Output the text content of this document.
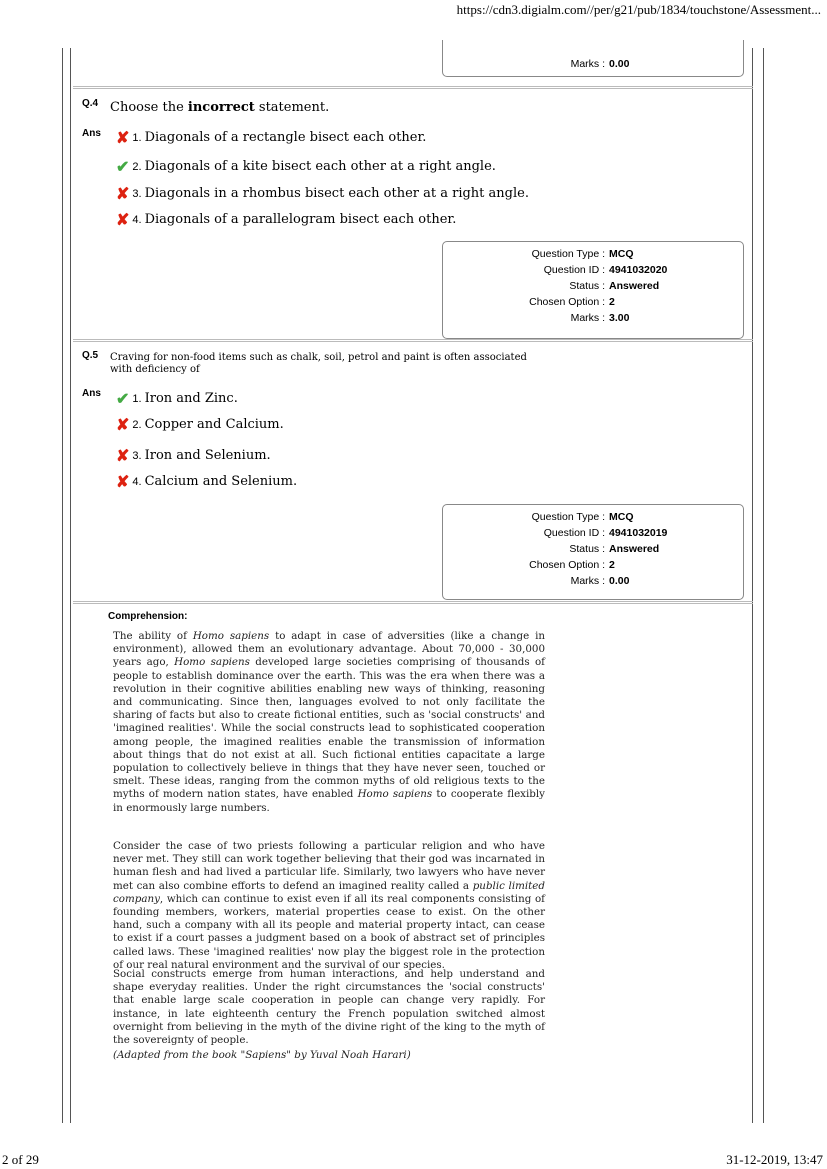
https://cdn3.digialm.com//per/g21/pub/1834/touchstone/Assessment...
Marks : 0.00
Q.4 Choose the incorrect statement.
Ans ✘ 1. Diagonals of a rectangle bisect each other.
✔ 2. Diagonals of a kite bisect each other at a right angle.
✘ 3. Diagonals in a rhombus bisect each other at a right angle.
✘ 4. Diagonals of a parallelogram bisect each other.
Question Type : MCQ
Question ID : 4941032020
Status : Answered
Chosen Option : 2
Marks : 3.00
Q.5 Craving for non-food items such as chalk, soil, petrol and paint is often associated with deficiency of
Ans ✔ 1. Iron and Zinc.
✘ 2. Copper and Calcium.
✘ 3. Iron and Selenium.
✘ 4. Calcium and Selenium.
Question Type : MCQ
Question ID : 4941032019
Status : Answered
Chosen Option : 2
Marks : 0.00
Comprehension:
The ability of Homo sapiens to adapt in case of adversities (like a change in environment), allowed them an evolutionary advantage. About 70,000 - 30,000 years ago, Homo sapiens developed large societies comprising of thousands of people to establish dominance over the earth. This was the era when there was a revolution in their cognitive abilities enabling new ways of thinking, reasoning and communicating. Since then, languages evolved to not only facilitate the sharing of facts but also to create fictional entities, such as 'social constructs' and 'imagined realities'. While the social constructs lead to sophisticated cooperation among people, the imagined realities enable the transmission of information about things that do not exist at all. Such fictional entities capacitate a large population to collectively believe in things that they have never seen, touched or smelt. These ideas, ranging from the common myths of old religious texts to the myths of modern nation states, have enabled Homo sapiens to cooperate flexibly in enormously large numbers.
Consider the case of two priests following a particular religion and who have never met. They still can work together believing that their god was incarnated in human flesh and had lived a particular life. Similarly, two lawyers who have never met can also combine efforts to defend an imagined reality called a public limited company, which can continue to exist even if all its real components consisting of founding members, workers, material properties cease to exist. On the other hand, such a company with all its people and material property intact, can cease to exist if a court passes a judgment based on a book of abstract set of principles called laws. These 'imagined realities' now play the biggest role in the protection of our real natural environment and the survival of our species.
Social constructs emerge from human interactions, and help understand and shape everyday realities. Under the right circumstances the 'social constructs' that enable large scale cooperation in people can change very rapidly. For instance, in late eighteenth century the French population switched almost overnight from believing in the myth of the divine right of the king to the myth of the sovereignty of people.
(Adapted from the book "Sapiens" by Yuval Noah Harari)
2 of 29	31-12-2019, 13:47
